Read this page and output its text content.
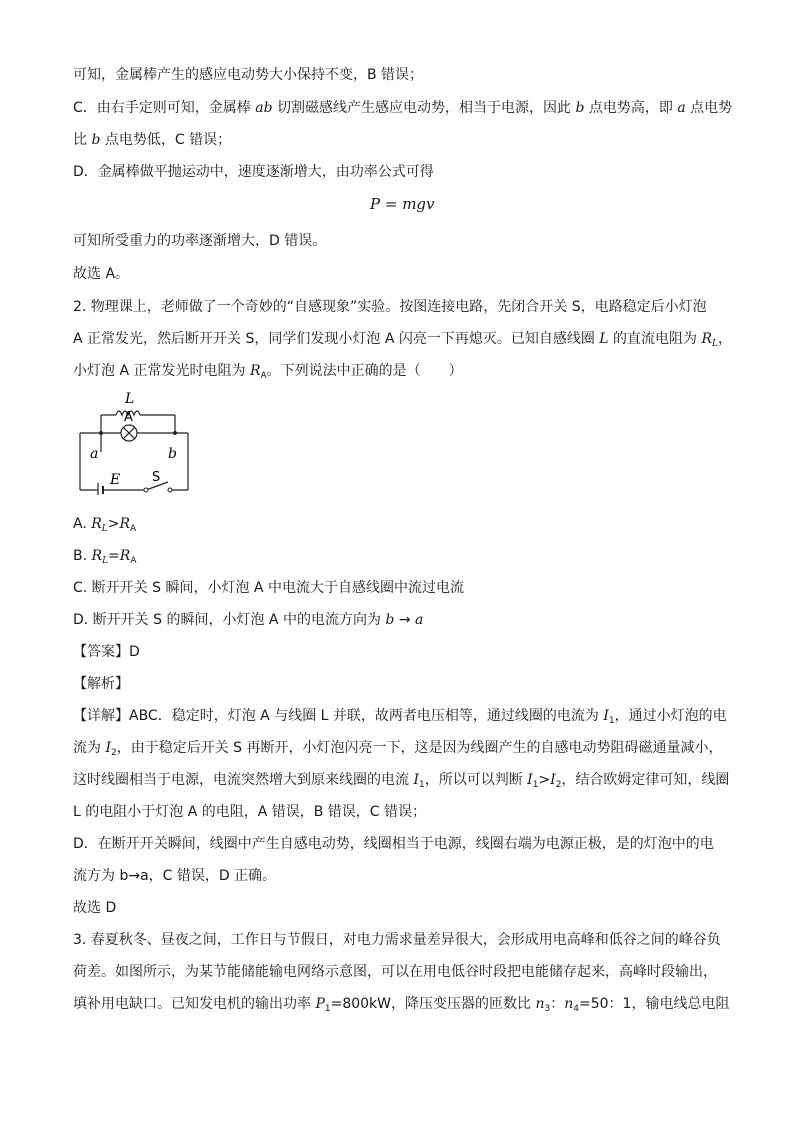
可知，金属棒产生的感应电动势大小保持不变，B 错误；
C．由右手定则可知，金属棒 ab 切割磁感线产生感应电动势，相当于电源，因此 b 点电势高，即 a 点电势
比 b 点电势低，C 错误；
D．金属棒做平抛运动中，速度逐渐增大，由功率公式可得
P = mgv
可知所受重力的功率逐渐增大，D 错误。
故选 A。
2. 物理课上，老师做了一个奇妙的“自感现象”实验。按图连接电路，先闭合开关 S，电路稳定后小灯泡
A 正常发光，然后断开开关 S，同学们发现小灯泡 A 闪亮一下再熄灭。已知自感线圈 L 的直流电阻为 $R_L$，
小灯泡 A 正常发光时电阻为 $R_A$。下列说法中正确的是（　　）
L
A
a	b
E S
A. $R_L>R_A$
B. $R_L=R_A$
C. 断开开关 S 瞬间，小灯泡 A 中电流大于自感线圈中流过电流
D. 断开开关 S 的瞬间，小灯泡 A 中的电流方向为 b → a
【答案】D
【解析】
【详解】ABC．稳定时，灯泡 A 与线圈 L 并联，故两者电压相等，通过线圈的电流为 $I_1$，通过小灯泡的电
流为 $I_2$，由于稳定后开关 S 再断开，小灯泡闪亮一下，这是因为线圈产生的自感电动势阻碍磁通量减小，
这时线圈相当于电源，电流突然增大到原来线圈的电流 $I_1$，所以可以判断 $I_1>I_2$，结合欧姆定律可知，线圈
L 的电阻小于灯泡 A 的电阻，A 错误，B 错误，C 错误；
D．在断开开关瞬间，线圈中产生自感电动势，线圈相当于电源，线圈右端为电源正极，是的灯泡中的电
流方为 b→a，C 错误，D 正确。
故选 D
3. 春夏秋冬、昼夜之间，工作日与节假日，对电力需求量差异很大，会形成用电高峰和低谷之间的峰谷负
荷差。如图所示，为某节能储能输电网络示意图，可以在用电低谷时段把电能储存起来，高峰时段输出，
填补用电缺口。已知发电机的输出功率 $P_1=800kW$，降压变压器的匝数比 $n_3$：$n_4=50$：1，输电线总电阻
